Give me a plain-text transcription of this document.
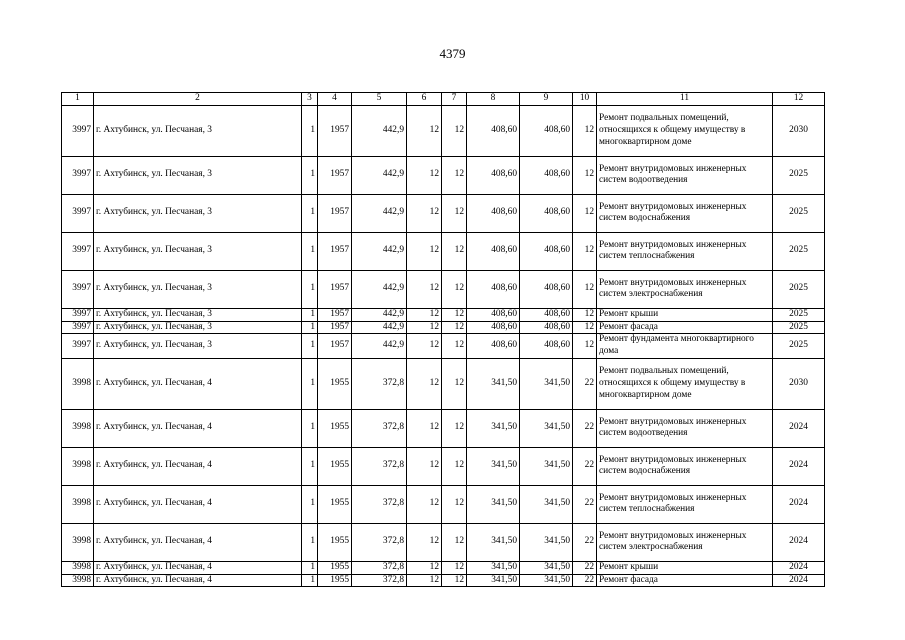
4379
1	2	3	4	5	6	7	8	9	10	11	12
3997	г. Ахтубинск, ул. Песчаная, 3	1	1957	442,9	12	12	408,60	408,60	12	Ремонт подвальных помещений, относящихся к общему имуществу в многоквартирном доме	2030
3997	г. Ахтубинск, ул. Песчаная, 3	1	1957	442,9	12	12	408,60	408,60	12	Ремонт внутридомовых инженерных систем водоотведения	2025
3997	г. Ахтубинск, ул. Песчаная, 3	1	1957	442,9	12	12	408,60	408,60	12	Ремонт внутридомовых инженерных систем водоснабжения	2025
3997	г. Ахтубинск, ул. Песчаная, 3	1	1957	442,9	12	12	408,60	408,60	12	Ремонт внутридомовых инженерных систем теплоснабжения	2025
3997	г. Ахтубинск, ул. Песчаная, 3	1	1957	442,9	12	12	408,60	408,60	12	Ремонт внутридомовых инженерных систем электроснабжения	2025
3997	г. Ахтубинск, ул. Песчаная, 3	1	1957	442,9	12	12	408,60	408,60	12	Ремонт крыши	2025
3997	г. Ахтубинск, ул. Песчаная, 3	1	1957	442,9	12	12	408,60	408,60	12	Ремонт фасада	2025
3997	г. Ахтубинск, ул. Песчаная, 3	1	1957	442,9	12	12	408,60	408,60	12	Ремонт фундамента многоквартирного дома	2025
3998	г. Ахтубинск, ул. Песчаная, 4	1	1955	372,8	12	12	341,50	341,50	22	Ремонт подвальных помещений, относящихся к общему имуществу в многоквартирном доме	2030
3998	г. Ахтубинск, ул. Песчаная, 4	1	1955	372,8	12	12	341,50	341,50	22	Ремонт внутридомовых инженерных систем водоотведения	2024
3998	г. Ахтубинск, ул. Песчаная, 4	1	1955	372,8	12	12	341,50	341,50	22	Ремонт внутридомовых инженерных систем водоснабжения	2024
3998	г. Ахтубинск, ул. Песчаная, 4	1	1955	372,8	12	12	341,50	341,50	22	Ремонт внутридомовых инженерных систем теплоснабжения	2024
3998	г. Ахтубинск, ул. Песчаная, 4	1	1955	372,8	12	12	341,50	341,50	22	Ремонт внутридомовых инженерных систем электроснабжения	2024
3998	г. Ахтубинск, ул. Песчаная, 4	1	1955	372,8	12	12	341,50	341,50	22	Ремонт крыши	2024
3998	г. Ахтубинск, ул. Песчаная, 4	1	1955	372,8	12	12	341,50	341,50	22	Ремонт фасада	2024
